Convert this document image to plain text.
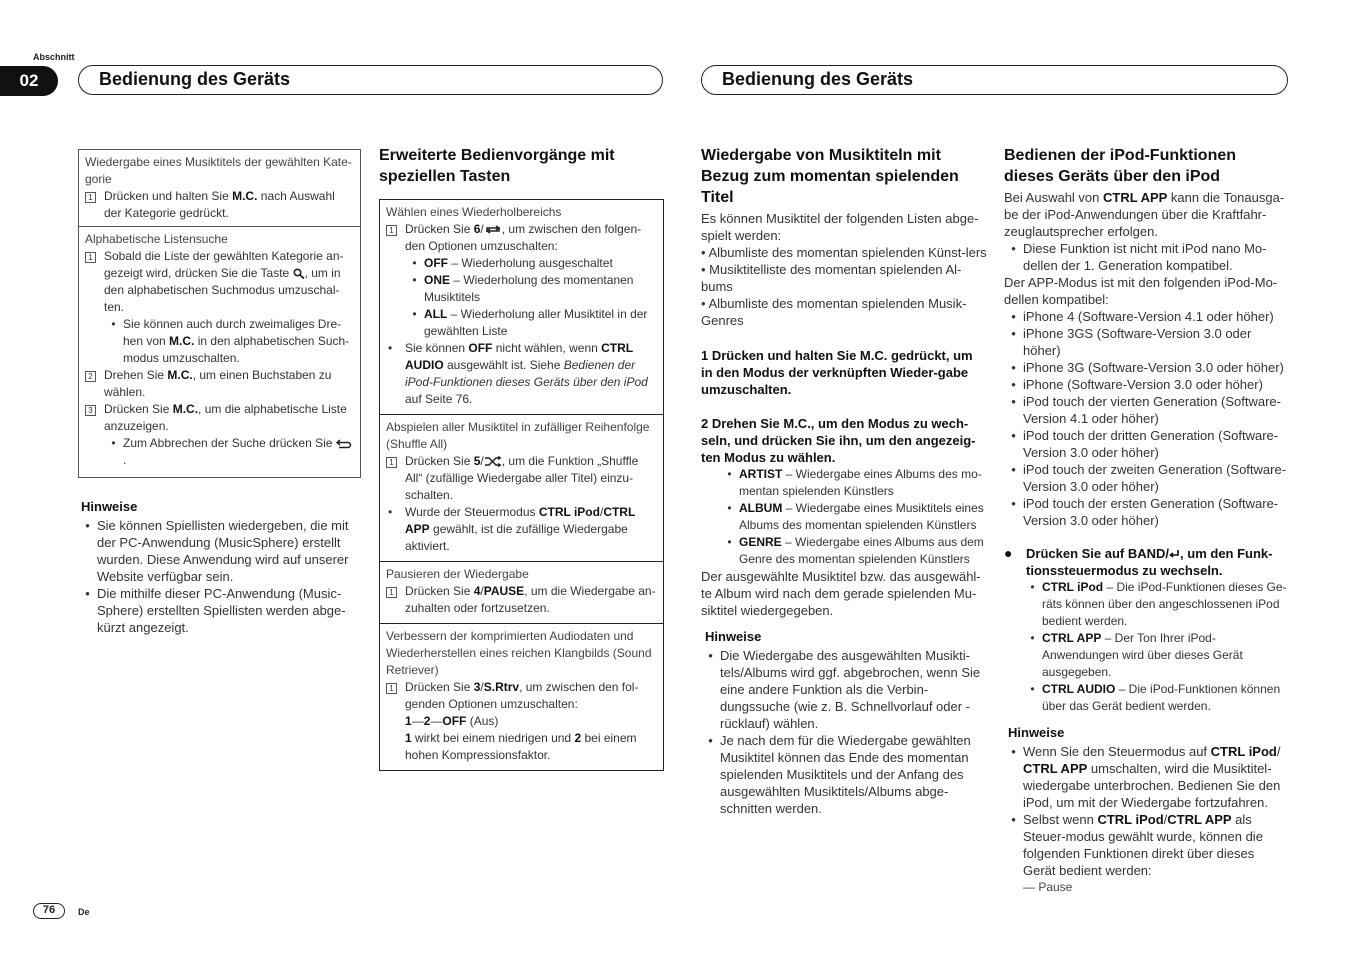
Abschnitt
02	Bedienung des Geräts	Bedienung des Geräts
Wiedergabe eines Musiktitels der gewählten Kate-gorie
1 Drücken und halten Sie M.C. nach Auswahl der Kategorie gedrückt.
Alphabetische Listensuche
1 Sobald die Liste der gewählten Kategorie an-gezeigt wird, drücken Sie die Taste , um in den alphabetischen Suchmodus umzuschal-ten.
• Sie können auch durch zweimaliges Dre-hen von M.C. in den alphabetischen Such-modus umzuschalten.
2 Drehen Sie M.C., um einen Buchstaben zu wählen.
3 Drücken Sie M.C., um die alphabetische Liste anzuzeigen.
• Zum Abbrechen der Suche drücken Sie
.
Hinweise
• Sie können Spiellisten wiedergeben, die mit der PC-Anwendung (MusicSphere) erstellt wurden. Diese Anwendung wird auf unserer Website verfügbar sein.
• Die mithilfe dieser PC-Anwendung (Music-Sphere) erstellten Spiellisten werden abge-kürzt angezeigt.
Erweiterte Bedienvorgänge mit speziellen Tasten
Wählen eines Wiederholbereichs
1 Drücken Sie 6/ , um zwischen den folgen-den Optionen umzuschalten:
• OFF – Wiederholung ausgeschaltet
• ONE – Wiederholung des momentanen Musiktitels
• ALL – Wiederholung aller Musiktitel in der gewählten Liste
•	Sie können OFF nicht wählen, wenn CTRL AUDIO ausgewählt ist. Siehe Bedienen der iPod-Funktionen dieses Geräts über den iPod auf Seite 76.
Abspielen aller Musiktitel in zufälliger Reihenfolge (Shuffle All)
1 Drücken Sie 5/ , um die Funktion „Shuffle All“ (zufällige Wiedergabe aller Titel) einzu-schalten.
•	Wurde der Steuermodus CTRL iPod/CTRL APP gewählt, ist die zufällige Wiedergabe aktiviert.
Pausieren der Wiedergabe
1 Drücken Sie 4/PAUSE, um die Wiedergabe an-zuhalten oder fortzusetzen.
Verbessern der komprimierten Audiodaten und Wiederherstellen eines reichen Klangbilds (Sound Retriever)
1 Drücken Sie 3/S.Rtrv, um zwischen den fol-genden Optionen umzuschalten:
1—2—OFF (Aus)
1 wirkt bei einem niedrigen und 2 bei einem hohen Kompressionsfaktor.
Wiedergabe von Musiktiteln mit Bezug zum momentan spielenden Titel
Es können Musiktitel der folgenden Listen abge-spielt werden:
• Albumliste des momentan spielenden Künst-lers
• Musiktitelliste des momentan spielenden Al-bums
• Albumliste des momentan spielenden Musik-Genres
1 Drücken und halten Sie M.C. gedrückt, um in den Modus der verknüpften Wieder-gabe umzuschalten.
2 Drehen Sie M.C., um den Modus zu wech-seln, und drücken Sie ihn, um den angezeig-ten Modus zu wählen.
• ARTIST – Wiedergabe eines Albums des mo-mentan spielenden Künstlers
• ALBUM – Wiedergabe eines Musiktitels eines Albums des momentan spielenden Künstlers
• GENRE – Wiedergabe eines Albums aus dem Genre des momentan spielenden Künstlers
Der ausgewählte Musiktitel bzw. das ausgewähl-te Album wird nach dem gerade spielenden Mu-siktitel wiedergegeben.
Hinweise
• Die Wiedergabe des ausgewählten Musikti-tels/Albums wird ggf. abgebrochen, wenn Sie eine andere Funktion als die Verbin-dungssuche (wie z. B. Schnellvorlauf oder -rücklauf) wählen.
• Je nach dem für die Wiedergabe gewählten Musiktitel können das Ende des momentan spielenden Musiktitels und der Anfang des ausgewählten Musiktitels/Albums abge-schnitten werden.
Bedienen der iPod-Funktionen dieses Geräts über den iPod
Bei Auswahl von CTRL APP kann die Tonausga-be der iPod-Anwendungen über die Kraftfahr-zeuglautsprecher erfolgen.
• Diese Funktion ist nicht mit iPod nano Mo-dellen der 1. Generation kompatibel.
Der APP-Modus ist mit den folgenden iPod-Mo-dellen kompatibel:
• iPhone 4 (Software-Version 4.1 oder höher)
• iPhone 3GS (Software-Version 3.0 oder höher)
• iPhone 3G (Software-Version 3.0 oder höher)
• iPhone (Software-Version 3.0 oder höher)
• iPod touch der vierten Generation (Software-Version 4.1 oder höher)
• iPod touch der dritten Generation (Software-Version 3.0 oder höher)
• iPod touch der zweiten Generation (Software-Version 3.0 oder höher)
• iPod touch der ersten Generation (Software-Version 3.0 oder höher)
●	Drücken Sie auf BAND/ , um den Funk-tionssteuermodus zu wechseln.
• CTRL iPod – Die iPod-Funktionen dieses Ge-räts können über den angeschlossenen iPod bedient werden.
• CTRL APP – Der Ton Ihrer iPod-Anwendungen wird über dieses Gerät ausgegeben.
• CTRL AUDIO – Die iPod-Funktionen können über das Gerät bedient werden.
Hinweise
• Wenn Sie den Steuermodus auf CTRL iPod/ CTRL APP umschalten, wird die Musiktitel-wiedergabe unterbrochen. Bedienen Sie den iPod, um mit der Wiedergabe fortzufahren.
• Selbst wenn CTRL iPod/CTRL APP als Steuer-modus gewählt wurde, können die folgenden Funktionen direkt über dieses Gerät bedient werden:
— Pause
76	De
